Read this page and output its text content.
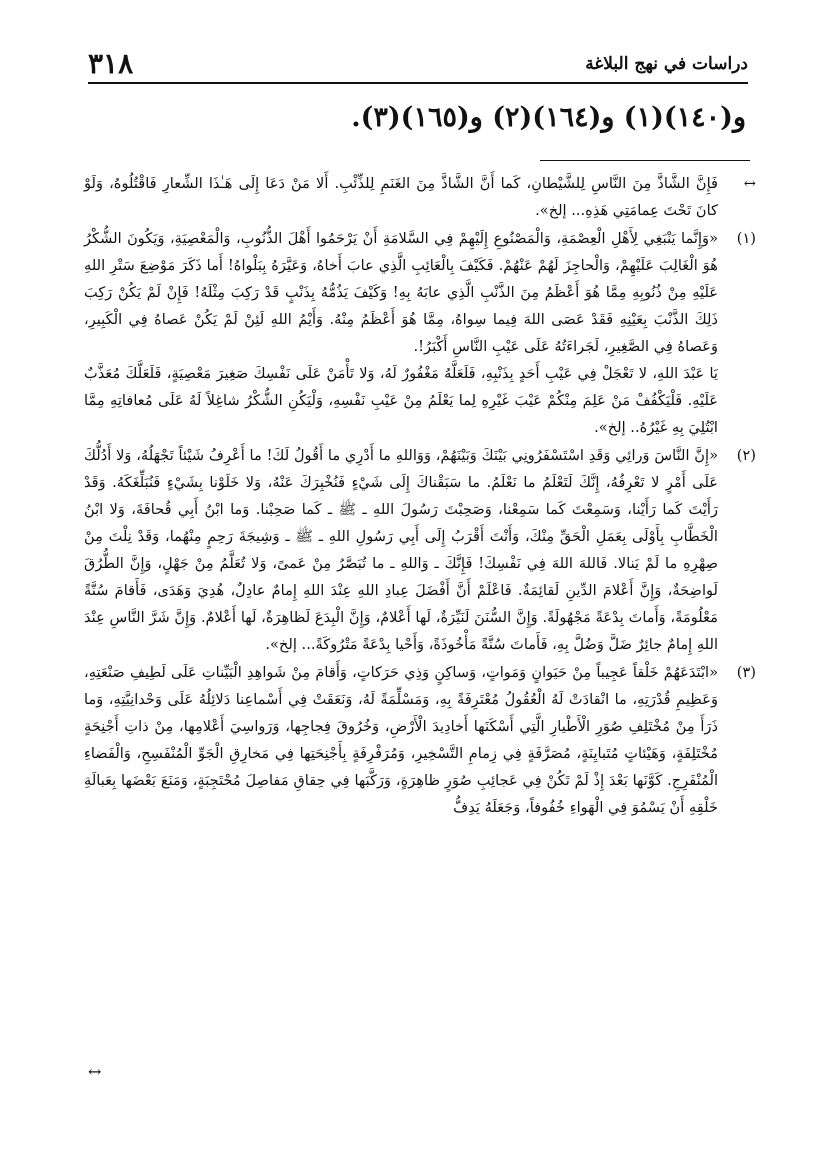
٣١٨	دراسات في نهج البلاغة
و(١٤٠)(١) و(١٦٤)(٢) و(١٦٥)(٣).
↔

فَإِنَّ الشَّاذَّ مِنَ النَّاسِ لِلشَّيْطانِ، كَما أَنَّ الشَّاذَّ مِنَ الغَنَمِ لِلذِّئْبِ. أَلا مَنْ دَعَا إِلَى هَـٰذَا الشِّعارِ فَاقْتُلُوهُ، وَلَوْ كانَ تَحْتَ عِمامَتِي هَذِهِ... إلخ».

(١)

«وَإِنَّما يَنْبَغِي لِأَهْلِ الْعِصْمَةِ، وَالْمَصْنُوعِ إِلَيْهِمْ فِي السَّلامَةِ أَنْ يَرْحَمُوا أَهْلَ الذُّنُوبِ، وَالْمَعْصِيَةِ، وَيَكُونَ الشُّكْرُ هُوَ الْغَالِبَ عَلَيْهِمْ، وَالْحاجِزَ لَهُمْ عَنْهُمْ. فَكَيْفَ بِالْعَائِبِ الَّذِي عابَ أَخاهُ، وَعَيَّرَهُ بِبَلْواهُ! أَما ذَكَرَ مَوْضِعَ سَتْرِ اللهِ عَلَيْهِ مِنْ ذُنُوبِهِ مِمَّا هُوَ أَعْظَمُ مِنَ الذَّنْبِ الَّذِي عابَهُ بِهِ! وَكَيْفَ يَذُمُّهُ بِذَنْبٍ قَدْ رَكِبَ مِثْلَهُ! فَإِنْ لَمْ يَكُنْ رَكِبَ ذَلِكَ الذَّنْبَ بِعَيْنِهِ فَقَدْ عَصَى اللهَ فِيما سِواهُ، مِمَّا هُوَ أَعْظَمُ مِنْهُ. وَأَيْمُ اللهِ لَئِنْ لَمْ يَكُنْ عَصاهُ فِي الْكَبِيرِ، وَعَصاهُ فِي الصَّغِيرِ، لَجَراءَتُهُ عَلَى عَيْبِ النَّاسِ أَكْبَرُ!.

يَا عَبْدَ اللهِ، لا تَعْجَلْ فِي عَيْبِ أَحَدٍ بِذَنْبِهِ، فَلَعَلَّهُ مَغْفُورٌ لَهُ، وَلا تَأْمَنْ عَلَى نَفْسِكَ صَغِيرَ مَعْصِيَةٍ، فَلَعَلَّكَ مُعَذَّبٌ عَلَيْهِ. فَلْيَكْفُفْ مَنْ عَلِمَ مِنْكُمْ عَيْبَ غَيْرِهِ لِما يَعْلَمُ مِنْ عَيْبِ نَفْسِهِ، وَلْيَكُنِ الشُّكْرُ شاغِلاً لَهُ عَلَى مُعافاتِهِ مِمَّا ابْتُلِيَ بِهِ غَيْرُهُ.. إلخ».

(٢)

«إِنَّ النَّاسَ وَرائِي وَقَدِ اسْتَسْفَرُونِي بَيْنَكَ وَبَيْنَهُمْ، وَوَاللهِ ما أَدْرِي ما أَقُولُ لَكَ! ما أَعْرِفُ شَيْئاً تَجْهَلُهُ، وَلا أَدُلُّكَ عَلَى أَمْرٍ لا تَعْرِفُهُ، إِنَّكَ لَتَعْلَمُ ما نَعْلَمُ. ما سَبَقْناكَ إِلَى شَيْءٍ فَنُخْبِرَكَ عَنْهُ، وَلا خَلَوْنا بِشَيْءٍ فَنُبَلِّغَكَهُ. وَقَدْ رَأَيْتَ كَما رَأَيْنا، وَسَمِعْتَ كَما سَمِعْنا، وَصَحِبْتَ رَسُولَ اللهِ ـ ﷺ ـ كَما صَحِبْنا. وَما ابْنُ أَبِي قُحافَةَ، وَلا ابْنُ الْخَطَّابِ بِأَوْلَى بِعَمَلِ الْحَقِّ مِنْكَ، وَأَنْتَ أَقْرَبُ إِلَى أَبِي رَسُولِ اللهِ ـ ﷺ ـ وَشِيجَةَ رَحِمٍ مِنْهُما، وَقَدْ نِلْتَ مِنْ صِهْرِهِ ما لَمْ يَنالا. فَاللهَ اللهَ فِي نَفْسِكَ! فَإِنَّكَ ـ وَاللهِ ـ ما تُبَصَّرُ مِنْ عَمىً، وَلا تُعَلَّمُ مِنْ جَهْلٍ، وَإِنَّ الطُّرُقَ لَواضِحَةٌ، وَإِنَّ أَعْلامَ الدِّينِ لَقائِمَةٌ. فَاعْلَمْ أَنَّ أَفْضَلَ عِبادِ اللهِ عِنْدَ اللهِ إِمامٌ عادِلٌ، هُدِيَ وَهَدَى، فَأَقامَ سُنَّةً مَعْلُومَةً، وَأَماتَ بِدْعَةً مَجْهُولَةً. وَإِنَّ السُّنَنَ لَنَيِّرَةٌ، لَها أَعْلامٌ، وَإِنَّ الْبِدَعَ لَظاهِرَةٌ، لَها أَعْلامٌ. وَإِنَّ شَرَّ النَّاسِ عِنْدَ اللهِ إِمامٌ جائِرٌ ضَلَّ وَضُلَّ بِهِ، فَأَماتَ سُنَّةً مَأْخُوذَةً، وَأَحْيا بِدْعَةً مَتْرُوكَةً... إلخ».

(٣)

«ابْتَدَعَهُمْ خَلْقاً عَجِيباً مِنْ حَيَوانٍ وَمَواتٍ، وَساكِنٍ وَذِي حَرَكاتٍ، وَأَقامَ مِنْ شَواهِدِ الْبَيِّناتِ عَلَى لَطِيفِ صَنْعَتِهِ، وَعَظِيمِ قُدْرَتِهِ، ما انْقادَتْ لَهُ الْعُقُولُ مُعْتَرِفَةً بِهِ، وَمَسْلِّمَةً لَهُ، وَنَعَقَتْ فِي أَسْماعِنا دَلائِلُهُ عَلَى وَحْدانِيَّتِهِ، وَما ذَرَأَ مِنْ مُخْتَلِفِ صُوَرِ الْأَطْيارِ الَّتِي أَسْكَنَها أَخادِيدَ الْأَرْضِ، وَخُرُوقَ فِجاجِها، وَرَواسِيَ أَعْلامِها، مِنْ ذاتِ أَجْنِحَةٍ مُخْتَلِفَةٍ، وَهَيْئاتٍ مُتَبايِنَةٍ، مُصَرَّفَةٍ فِي زِمامِ التَّسْخِيرِ، وَمُرَفْرِفَةٍ بِأَجْنِحَتِها فِي مَخارِقِ الْجَوِّ الْمُنْفَسِحِ، وَالْفَضاءِ الْمُنْفَرِجِ. كَوَّنَها بَعْدَ إِذْ لَمْ تَكُنْ فِي عَجائِبِ صُوَرٍ ظاهِرَةٍ، وَرَكَّبَها فِي حِقاقِ مَفاصِلَ مُحْتَجِبَةٍ، وَمَنَعَ بَعْضَها بِعَبالَةِ خَلْقِهِ أَنْ يَسْمُوَ فِي الْهَواءِ خُفُوفاً، وَجَعَلَهُ يَدِفُّ

↔
